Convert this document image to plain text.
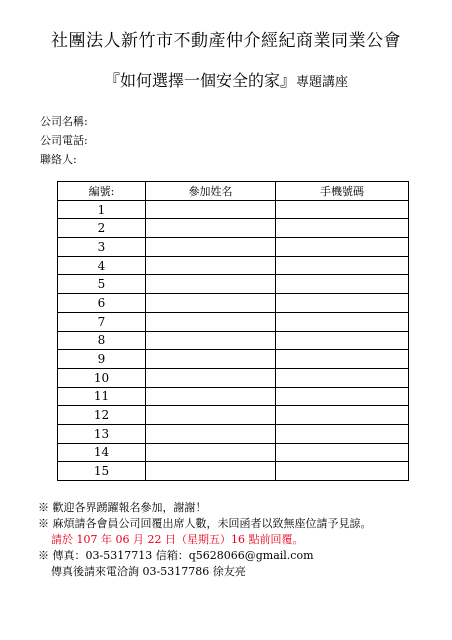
社團法人新竹市不動產仲介經紀商業同業公會
『如何選擇一個安全的家』專題講座
公司名稱:
公司電話:
聯絡人:
編號:	參加姓名	手機號碼
1		
2		
3		
4		
5		
6		
7		
8		
9		
10		
11		
12		
13		
14		
15		
※ 歡迎各界踴躍報名參加，謝謝！
※ 麻煩請各會員公司回覆出席人數，未回函者以致無座位請予見諒。
請於 107 年 06 月 22 日（星期五）16 點前回覆。
※ 傳真：03-5317713 信箱：q5628066@gmail.com
傳真後請來電洽詢 03-5317786 徐友亮
